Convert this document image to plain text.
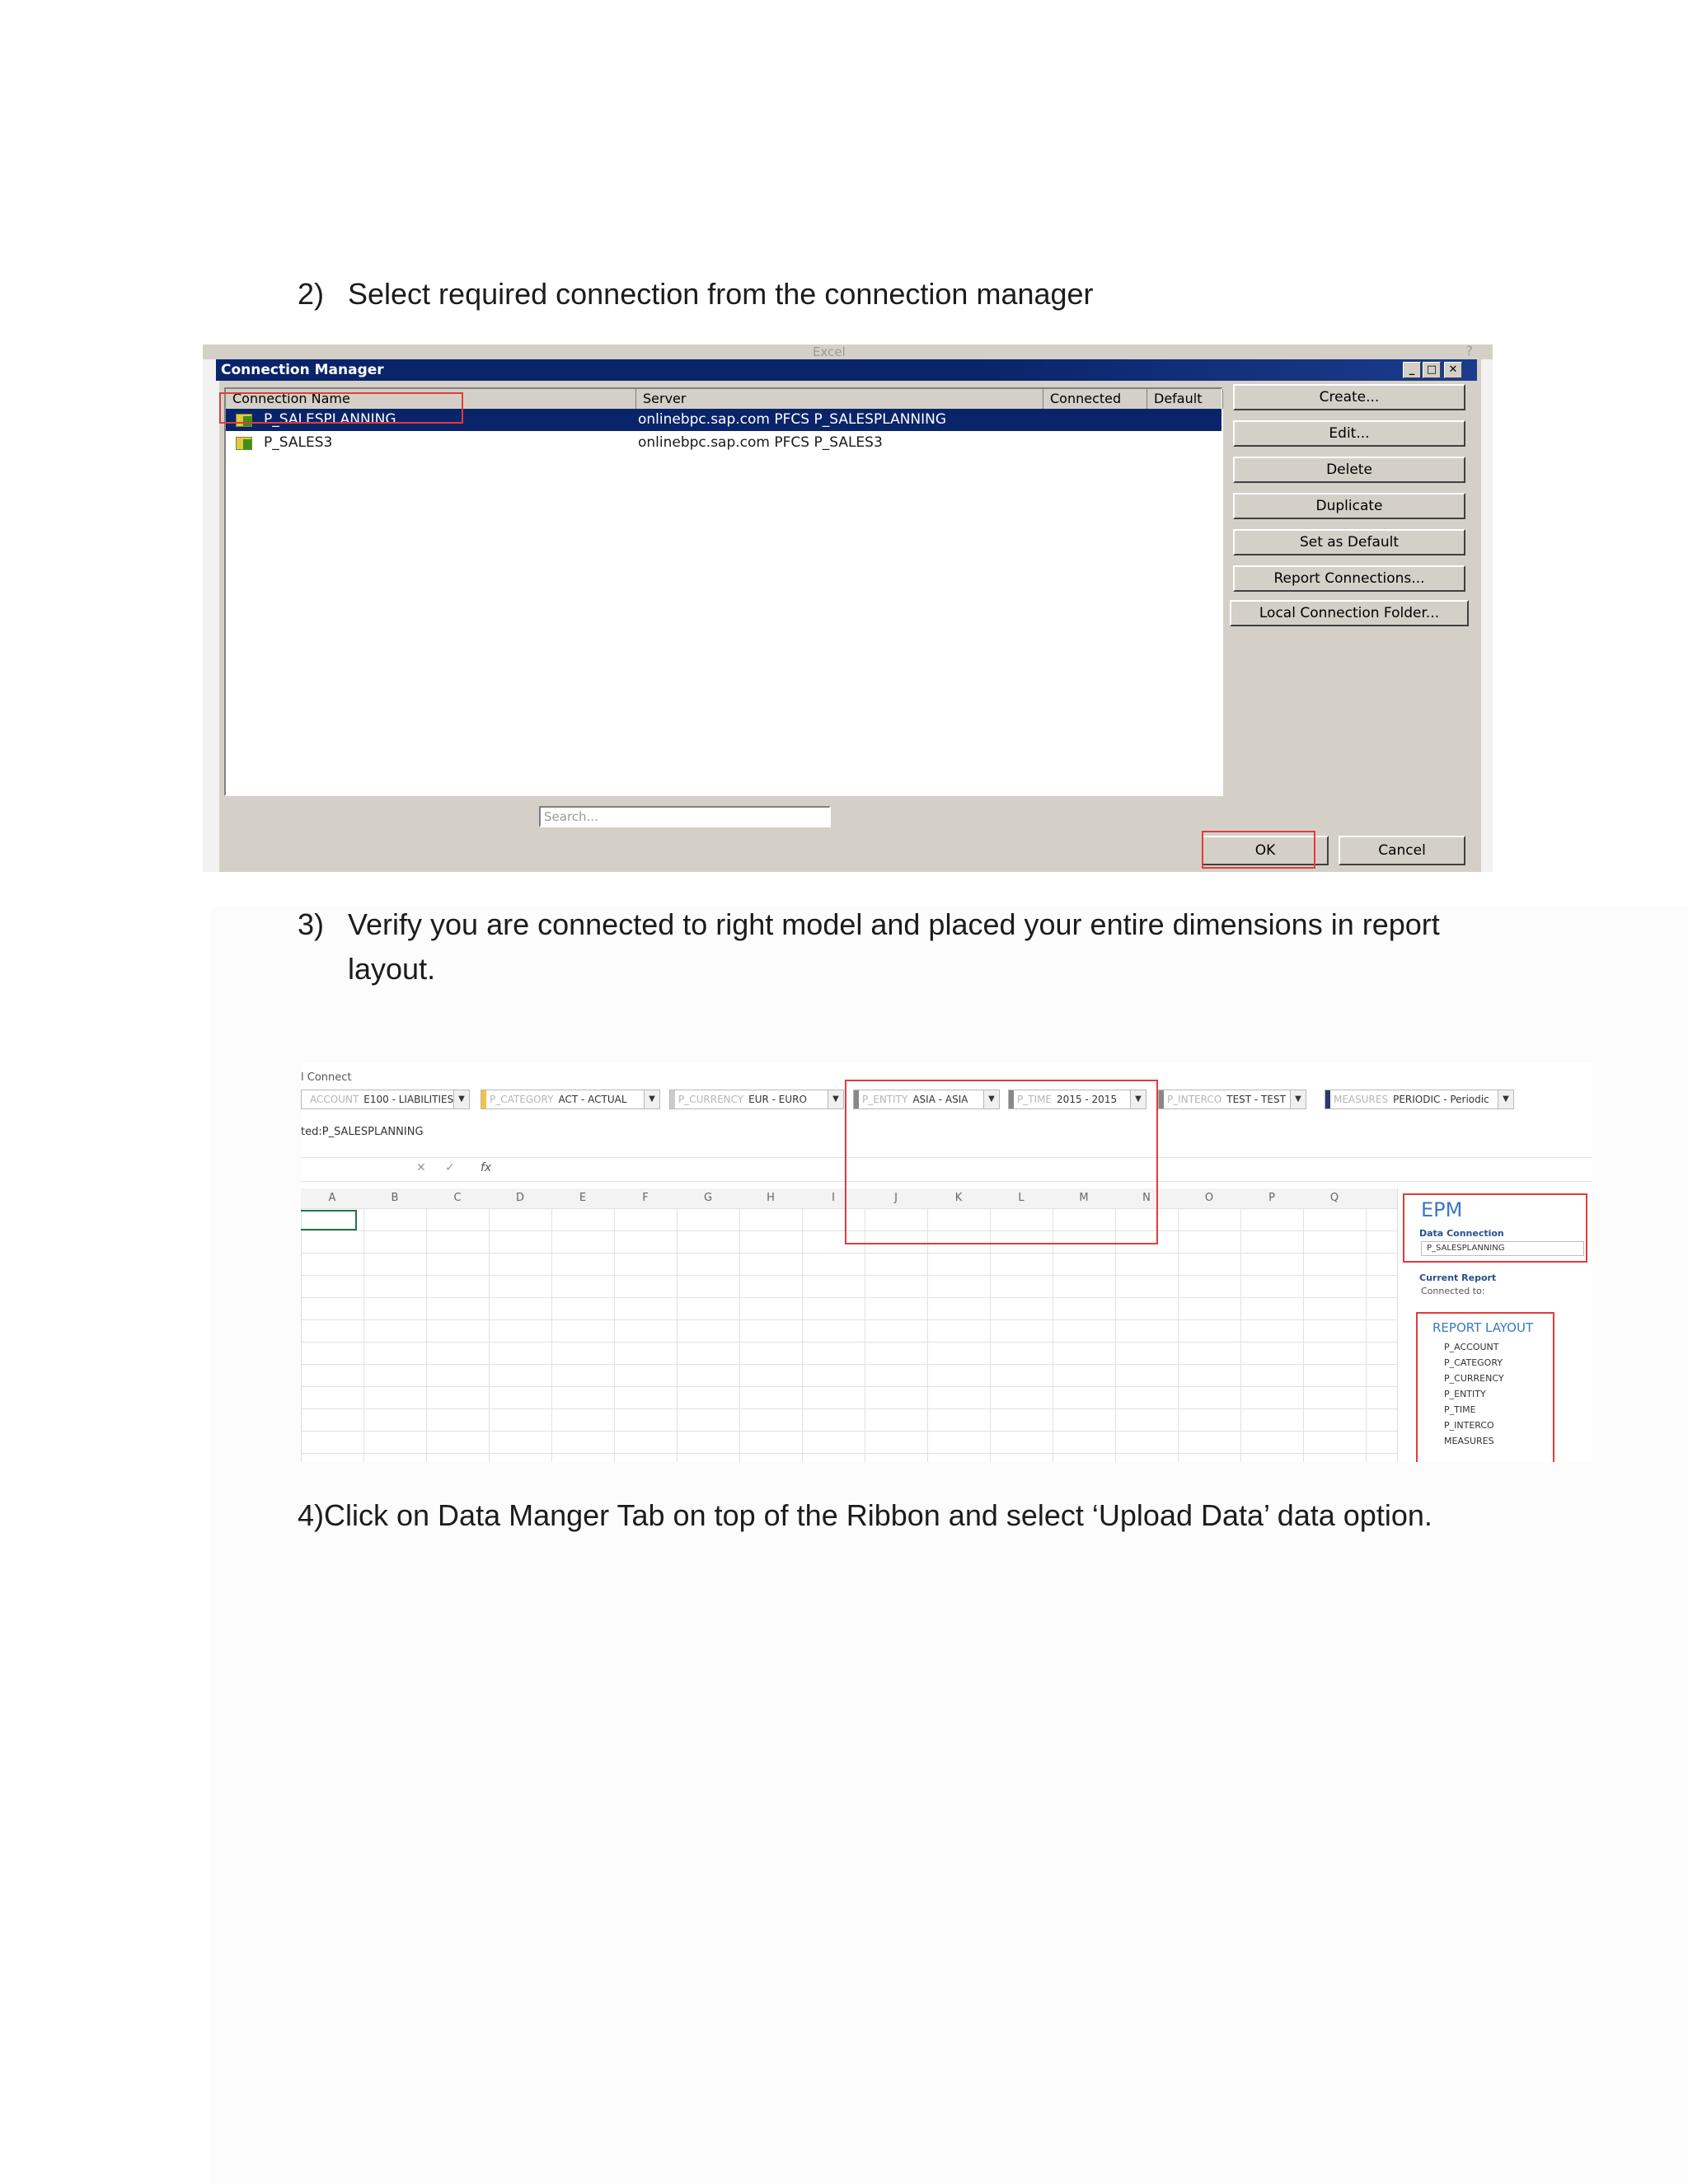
2) Select required connection from the connection manager
Excel	?
Connection Manager	_	□	✕
Connection Name	Server	Connected	Default
P_SALESPLANNING	onlinebpc.sap.com PFCS P_SALESPLANNING
P_SALES3	onlinebpc.sap.com PFCS P_SALES3
Create...
Edit...
Delete
Duplicate
Set as Default
Report Connections...
Local Connection Folder...
Search...
OK	Cancel
3) Verify you are connected to right model and placed your entire dimensions in report layout.
l Connect
ACCOUNT E100 - LIABILITIES ▼	P_CATEGORY ACT - ACTUAL	▼	P_CURRENCY EUR - EURO	▼	P_ENTITY ASIA - ASIA	▼	P_TIME 2015 - 2015	▼	P_INTERCO TEST - TEST	▼	MEASURES PERIODIC - Periodic	▼
ted:P_SALESPLANNING
✕ ✓ fx
A	B	C	D	E	F	G	H	I	J	K	L	M	N	O	P	Q
EPM
Data Connection
P_SALESPLANNING
Current Report
Connected to:
REPORT LAYOUT
P_ACCOUNT
P_CATEGORY
P_CURRENCY
P_ENTITY
P_TIME
P_INTERCO
MEASURES
4)Click on Data Manger Tab on top of the Ribbon and select ‘Upload Data’ data option.
